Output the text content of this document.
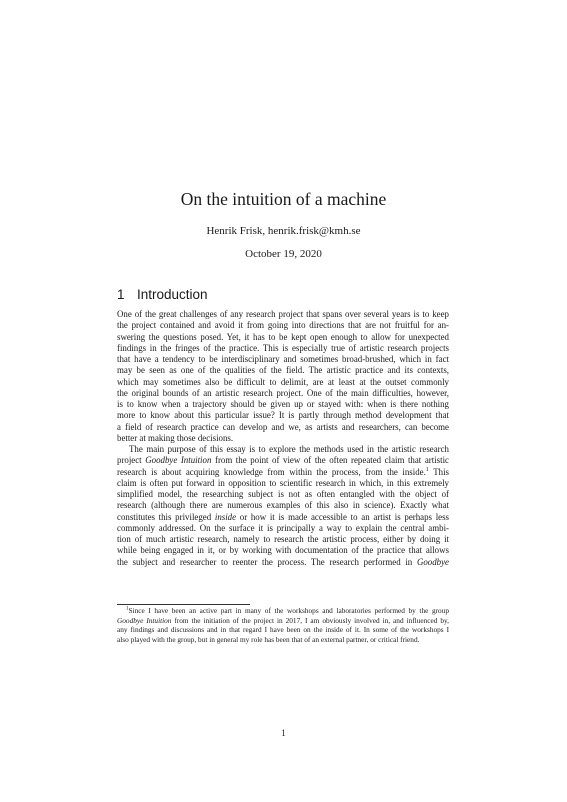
On the intuition of a machine
Henrik Frisk, henrik.frisk@kmh.se
October 19, 2020
1 Introduction
One of the great challenges of any research project that spans over several years is to keep
the project contained and avoid it from going into directions that are not fruitful for an-
swering the questions posed. Yet, it has to be kept open enough to allow for unexpected
findings in the fringes of the practice. This is especially true of artistic research projects
that have a tendency to be interdisciplinary and sometimes broad-brushed, which in fact
may be seen as one of the qualities of the field. The artistic practice and its contexts,
which may sometimes also be difficult to delimit, are at least at the outset commonly
the original bounds of an artistic research project. One of the main difficulties, however,
is to know when a trajectory should be given up or stayed with: when is there nothing
more to know about this particular issue? It is partly through method development that
a field of research practice can develop and we, as artists and researchers, can become
better at making those decisions.
The main purpose of this essay is to explore the methods used in the artistic research
project Goodbye Intuition from the point of view of the often repeated claim that artistic
research is about acquiring knowledge from within the process, from the inside.$^1$ This
claim is often put forward in opposition to scientific research in which, in this extremely
simplified model, the researching subject is not as often entangled with the object of
research (although there are numerous examples of this also in science). Exactly what
constitutes this privileged inside or how it is made accessible to an artist is perhaps less
commonly addressed. On the surface it is principally a way to explain the central ambi-
tion of much artistic research, namely to research the artistic process, either by doing it
while being engaged in it, or by working with documentation of the practice that allows
the subject and researcher to reenter the process. The research performed in Goodbye
$^1$Since I have been an active part in many of the workshops and laboratories performed by the group
Goodbye Intuition from the initiation of the project in 2017, I am obviously involved in, and influenced by,
any findings and discussions and in that regard I have been on the inside of it. In some of the workshops I
also played with the group, but in general my role has been that of an external partner, or critical friend.
1
